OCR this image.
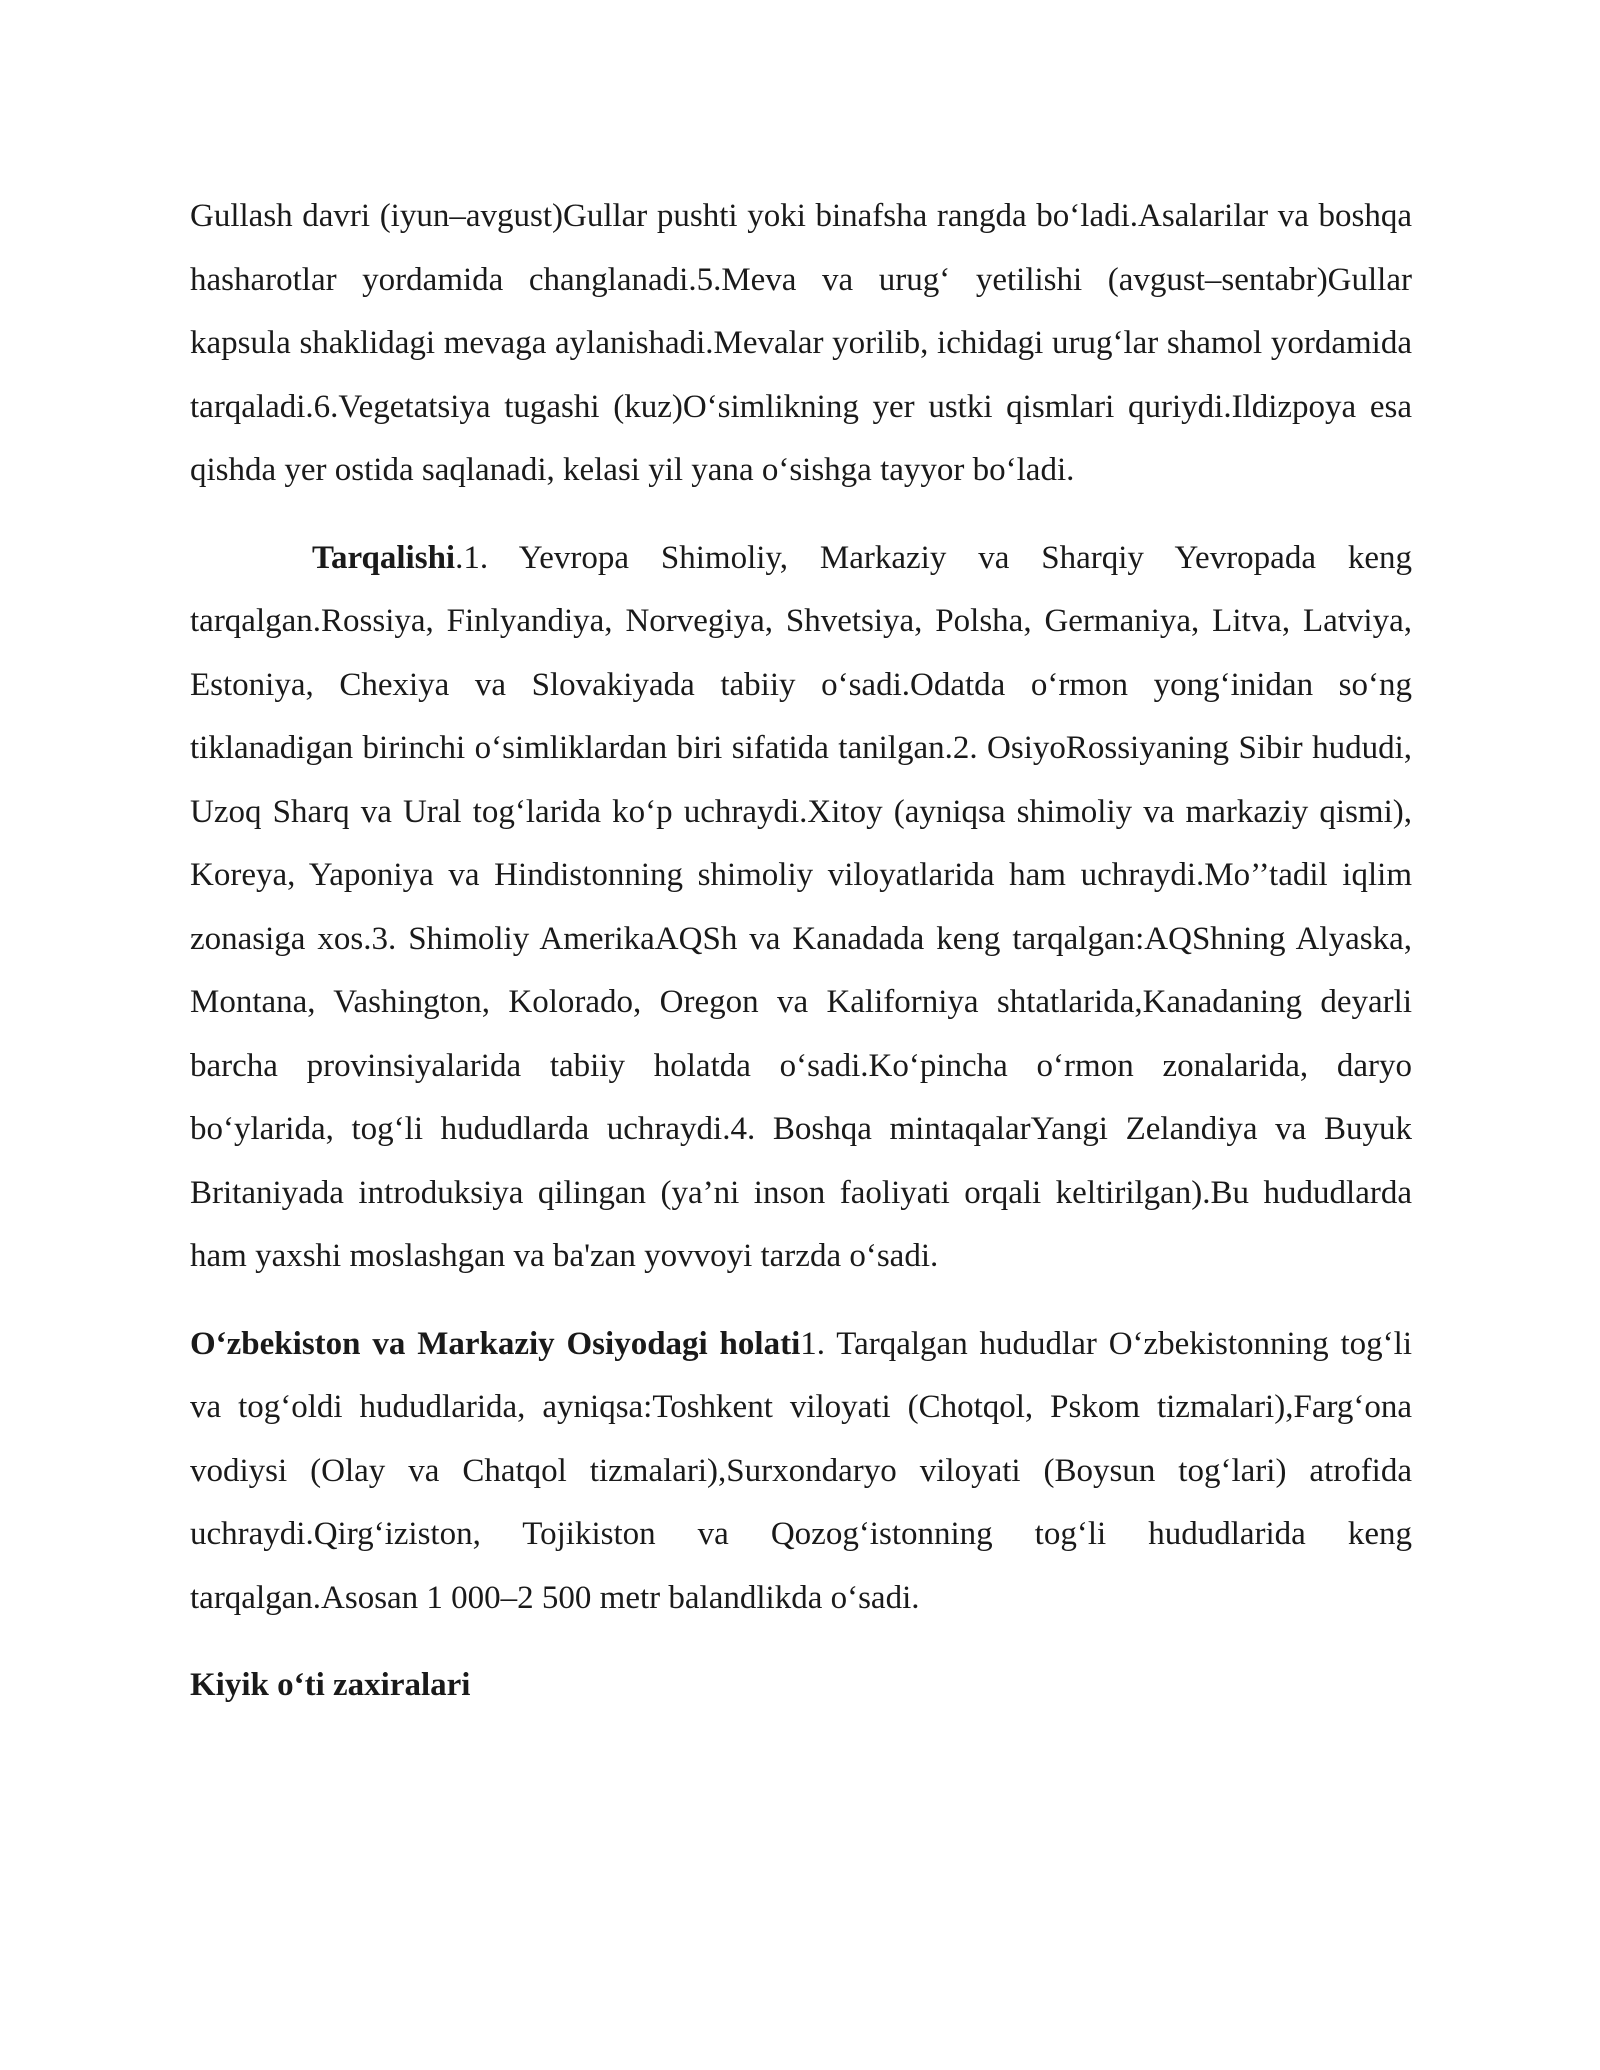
Gullash davri (iyun–avgust)Gullar pushti yoki binafsha rangda boʻladi.Asalarilar va boshqa hasharotlar yordamida changlanadi.5.Meva va urugʻ yetilishi (avgust–sentabr)Gullar kapsula shaklidagi mevaga aylanishadi.Mevalar yorilib, ichidagi urugʻlar shamol yordamida tarqaladi.6.Vegetatsiya tugashi (kuz)Oʻsimlikning yer ustki qismlari quriydi.Ildizpoya esa qishda yer ostida saqlanadi, kelasi yil yana oʻsishga tayyor boʻladi.

Tarqalishi.1. Yevropa Shimoliy, Markaziy va Sharqiy Yevropada keng tarqalgan.Rossiya, Finlyandiya, Norvegiya, Shvetsiya, Polsha, Germaniya, Litva, Latviya, Estoniya, Chexiya va Slovakiyada tabiiy oʻsadi.Odatda oʻrmon yongʻinidan soʻng tiklanadigan birinchi oʻsimliklardan biri sifatida tanilgan.2. OsiyoRossiyaning Sibir hududi, Uzoq Sharq va Ural togʻlarida koʻp uchraydi.Xitoy (ayniqsa shimoliy va markaziy qismi), Koreya, Yaponiya va Hindistonning shimoliy viloyatlarida ham uchraydi.Mo’’tadil iqlim zonasiga xos.3. Shimoliy AmerikaAQSh va Kanadada keng tarqalgan:AQShning Alyaska, Montana, Vashington, Kolorado, Oregon va Kaliforniya shtatlarida,Kanadaning deyarli barcha provinsiyalarida tabiiy holatda oʻsadi.Koʻpincha oʻrmon zonalarida, daryo boʻylarida, togʻli hududlarda uchraydi.4. Boshqa mintaqalarYangi Zelandiya va Buyuk Britaniyada introduksiya qilingan (ya’ni inson faoliyati orqali keltirilgan).Bu hududlarda ham yaxshi moslashgan va ba'zan yovvoyi tarzda oʻsadi.

Oʻzbekiston va Markaziy Osiyodagi holati1. Tarqalgan hududlar Oʻzbekistonning togʻli va togʻoldi hududlarida, ayniqsa:Toshkent viloyati (Chotqol, Pskom tizmalari),Fargʻona vodiysi (Olay va Chatqol tizmalari),Surxondaryo viloyati (Boysun togʻlari) atrofida uchraydi.Qirgʻiziston, Tojikiston va Qozogʻistonning togʻli hududlarida keng tarqalgan.Asosan 1 000–2 500 metr balandlikda oʻsadi.

Kiyik oʻti zaxiralari
